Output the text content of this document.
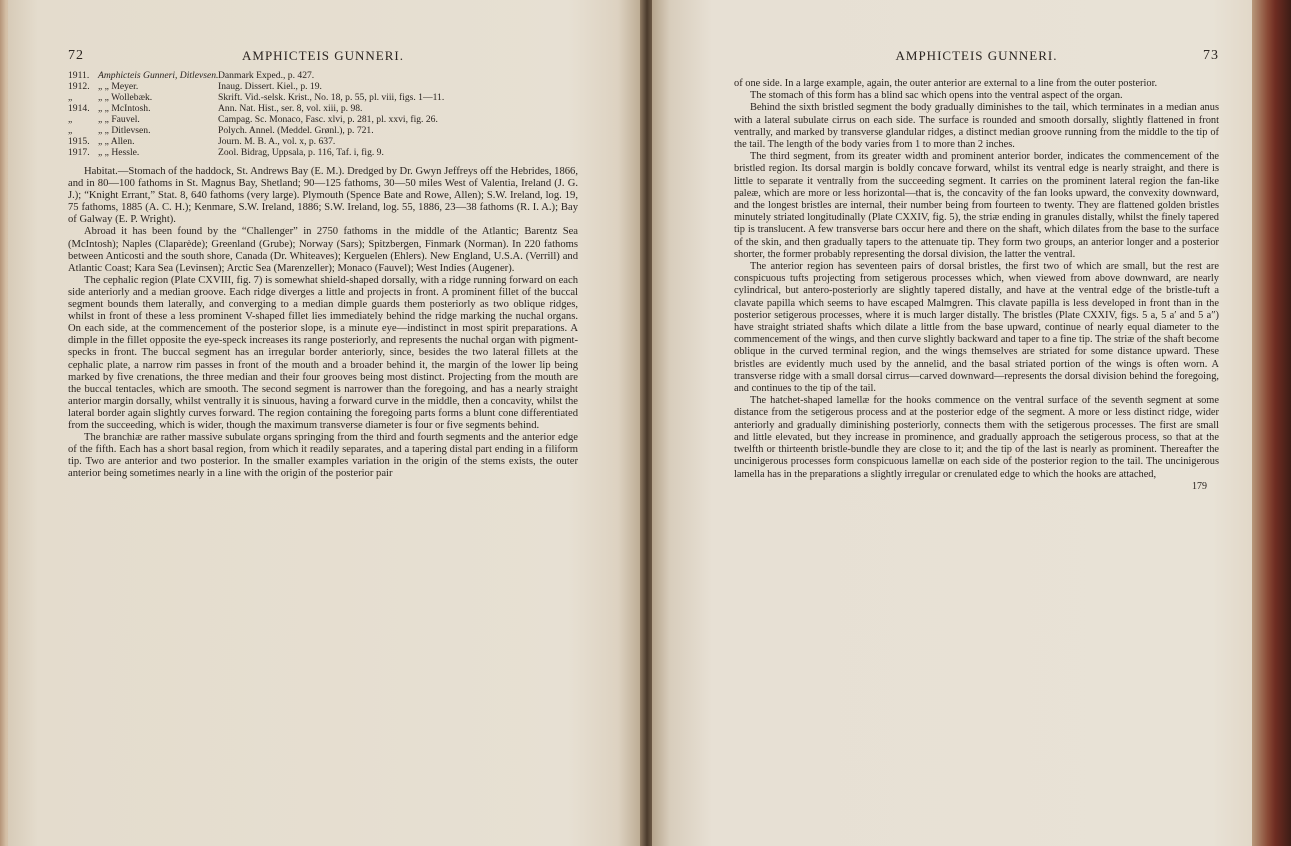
72	AMPHICTEIS GUNNERI.
1911. Amphicteis Gunneri, Ditlevsen. Danmark Exped., p. 427.
1912. „ „ Meyer.	Inaug. Dissert. Kiel., p. 19.
„	„ „ Wollebæk.	Skrift. Vid.-selsk. Krist., No. 18, p. 55, pl. viii, figs. 1—11.
1914. „ „ McIntosh.	Ann. Nat. Hist., ser. 8, vol. xiii, p. 98.
„	„ „ Fauvel.	Campag. Sc. Monaco, Fasc. xlvi, p. 281, pl. xxvi, fig. 26.
„	„ „ Ditlevsen.	Polych. Annel. (Meddel. Grønl.), p. 721.
1915. „ „ Allen.	Journ. M. B. A., vol. x, p. 637.
1917. „ „ Hessle.	Zool. Bidrag, Uppsala, p. 116, Taf. i, fig. 9.

Habitat.—Stomach of the haddock, St. Andrews Bay (E. M.). Dredged by Dr. Gwyn Jeffreys off the Hebrides, 1866, and in 80—100 fathoms in St. Magnus Bay, Shetland; 90—125 fathoms, 30—50 miles West of Valentia, Ireland (J. G. J.); “Knight Errant,” Stat. 8, 640 fathoms (very large). Plymouth (Spence Bate and Rowe, Allen); S.W. Ireland, log. 19, 75 fathoms, 1885 (A. C. H.); Kenmare, S.W. Ireland, 1886; S.W. Ireland, log. 55, 1886, 23—38 fathoms (R. I. A.); Bay of Galway (E. P. Wright).

Abroad it has been found by the “Challenger” in 2750 fathoms in the middle of the Atlantic; Barentz Sea (McIntosh); Naples (Claparède); Greenland (Grube); Norway (Sars); Spitzbergen, Finmark (Norman). In 220 fathoms between Anticosti and the south shore, Canada (Dr. Whiteaves); Kerguelen (Ehlers). New England, U.S.A. (Verrill) and Atlantic Coast; Kara Sea (Levinsen); Arctic Sea (Marenzeller); Monaco (Fauvel); West Indies (Augener).

The cephalic region (Plate CXVIII, fig. 7) is somewhat shield-shaped dorsally, with a ridge running forward on each side anteriorly and a median groove. Each ridge diverges a little and projects in front. A prominent fillet of the buccal segment bounds them laterally, and converging to a median dimple guards them posteriorly as two oblique ridges, whilst in front of these a less prominent V-shaped fillet lies immediately behind the ridge marking the nuchal organs. On each side, at the commencement of the posterior slope, is a minute eye—indistinct in most spirit preparations. A dimple in the fillet opposite the eye-speck increases its range posteriorly, and represents the nuchal organ with pigment-specks in front. The buccal segment has an irregular border anteriorly, since, besides the two lateral fillets at the cephalic plate, a narrow rim passes in front of the mouth and a broader behind it, the margin of the lower lip being marked by five crenations, the three median and their four grooves being most distinct. Projecting from the mouth are the buccal tentacles, which are smooth. The second segment is narrower than the foregoing, and has a nearly straight anterior margin dorsally, whilst ventrally it is sinuous, having a forward curve in the middle, then a concavity, whilst the lateral border again slightly curves forward. The region containing the foregoing parts forms a blunt cone differentiated from the succeeding, which is wider, though the maximum transverse diameter is four or five segments behind.

The branchiæ are rather massive subulate organs springing from the third and fourth segments and the anterior edge of the fifth. Each has a short basal region, from which it readily separates, and a tapering distal part ending in a filiform tip. Two are anterior and two posterior. In the smaller examples variation in the origin of the stems exists, the outer anterior being sometimes nearly in a line with the origin of the posterior pair

AMPHICTEIS GUNNERI.	73

of one side. In a large example, again, the outer anterior are external to a line from the outer posterior.

The stomach of this form has a blind sac which opens into the ventral aspect of the organ.

Behind the sixth bristled segment the body gradually diminishes to the tail, which terminates in a median anus with a lateral subulate cirrus on each side. The surface is rounded and smooth dorsally, slightly flattened in front ventrally, and marked by transverse glandular ridges, a distinct median groove running from the middle to the tip of the tail. The length of the body varies from 1 to more than 2 inches.

The third segment, from its greater width and prominent anterior border, indicates the commencement of the bristled region. Its dorsal margin is boldly concave forward, whilst its ventral edge is nearly straight, and there is little to separate it ventrally from the succeeding segment. It carries on the prominent lateral region the fan-like paleæ, which are more or less horizontal—that is, the concavity of the fan looks upward, the convexity downward, and the longest bristles are internal, their number being from fourteen to twenty. They are flattened golden bristles minutely striated longitudinally (Plate CXXIV, fig. 5), the striæ ending in granules distally, whilst the finely tapered tip is translucent. A few transverse bars occur here and there on the shaft, which dilates from the base to the surface of the skin, and then gradually tapers to the attenuate tip. They form two groups, an anterior longer and a posterior shorter, the former probably representing the dorsal division, the latter the ventral.

The anterior region has seventeen pairs of dorsal bristles, the first two of which are small, but the rest are conspicuous tufts projecting from setigerous processes which, when viewed from above downward, are nearly cylindrical, but antero-posteriorly are slightly tapered distally, and have at the ventral edge of the bristle-tuft a clavate papilla which seems to have escaped Malmgren. This clavate papilla is less developed in front than in the posterior setigerous processes, where it is much larger distally. The bristles (Plate CXXIV, figs. 5 a, 5 a′ and 5 a″) have straight striated shafts which dilate a little from the base upward, continue of nearly equal diameter to the commencement of the wings, and then curve slightly backward and taper to a fine tip. The striæ of the shaft become oblique in the curved terminal region, and the wings themselves are striated for some distance upward. These bristles are evidently much used by the annelid, and the basal striated portion of the wings is often worn. A transverse ridge with a small dorsal cirrus—carved downward—represents the dorsal division behind the foregoing, and continues to the tip of the tail.

The hatchet-shaped lamellæ for the hooks commence on the ventral surface of the seventh segment at some distance from the setigerous process and at the posterior edge of the segment. A more or less distinct ridge, wider anteriorly and gradually diminishing posteriorly, connects them with the setigerous processes. The first are small and little elevated, but they increase in prominence, and gradually approach the setigerous process, so that at the twelfth or thirteenth bristle-bundle they are close to it; and the tip of the last is nearly as prominent. Thereafter the uncinigerous processes form conspicuous lamellæ on each side of the posterior region to the tail. The uncinigerous lamella has in the preparations a slightly irregular or crenulated edge to which the hooks are attached,

179
